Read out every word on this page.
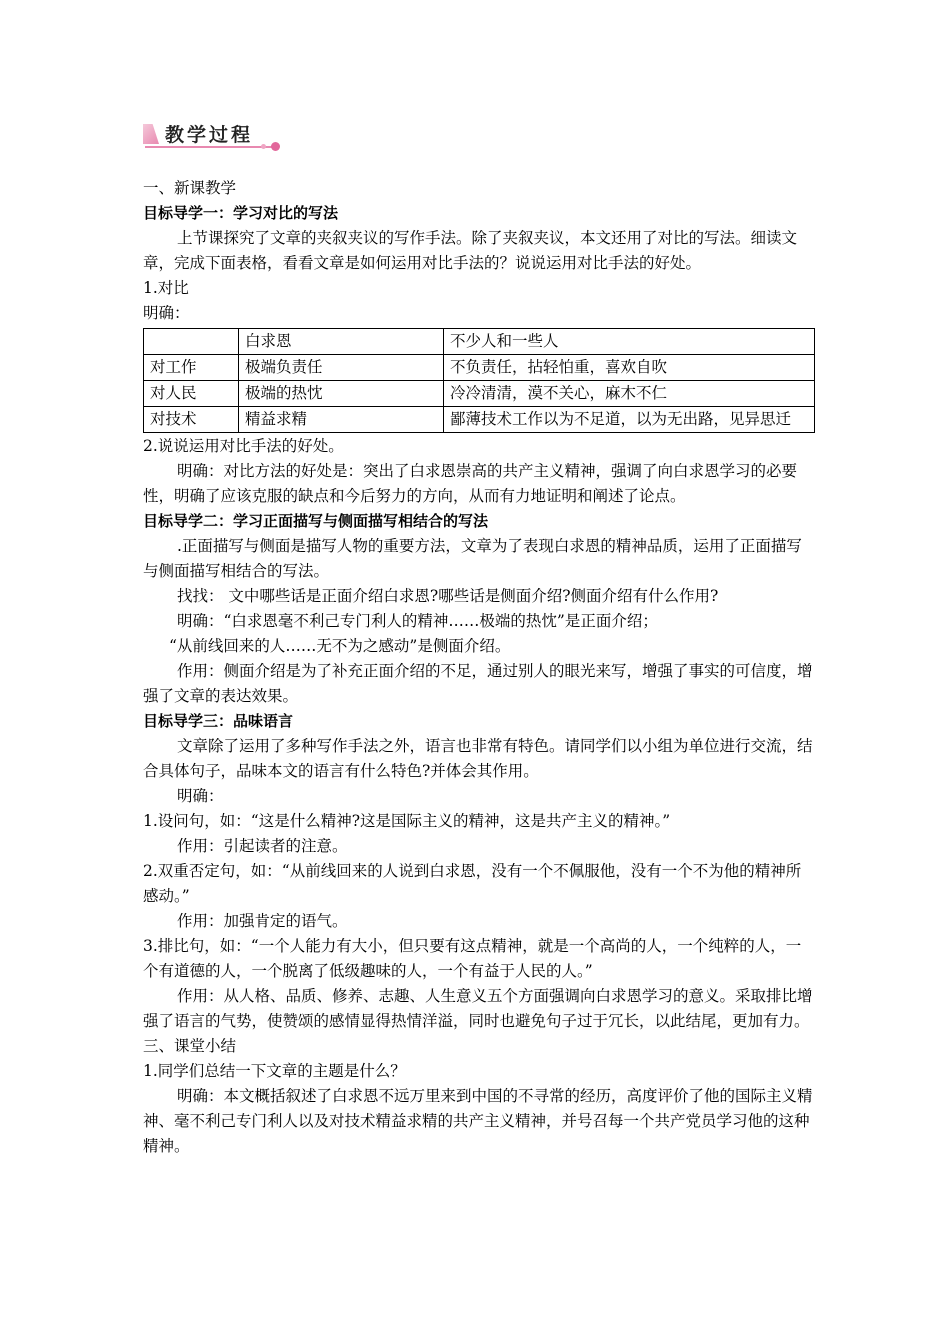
教学过程

一、新课教学

目标导学一：学习对比的写法

上节课探究了文章的夹叙夹议的写作手法。除了夹叙夹议，本文还用了对比的写法。细读文章，完成下面表格，看看文章是如何运用对比手法的？说说运用对比手法的好处。

1.对比

明确：

	白求恩	不少人和一些人
对工作	极端负责任	不负责任，拈轻怕重，喜欢自吹
对人民	极端的热忱	冷冷清清，漠不关心，麻木不仁
对技术	精益求精	鄙薄技术工作以为不足道，以为无出路，见异思迁

2.说说运用对比手法的好处。

明确：对比方法的好处是：突出了白求恩崇高的共产主义精神，强调了向白求恩学习的必要性，明确了应该克服的缺点和今后努力的方向，从而有力地证明和阐述了论点。

目标导学二：学习正面描写与侧面描写相结合的写法

.正面描写与侧面是描写人物的重要方法，文章为了表现白求恩的精神品质，运用了正面描写与侧面描写相结合的写法。

找找： 文中哪些话是正面介绍白求恩?哪些话是侧面介绍?侧面介绍有什么作用?

明确：“白求恩毫不利己专门利人的精神……极端的热忱”是正面介绍；

“从前线回来的人……无不为之感动”是侧面介绍。

作用：侧面介绍是为了补充正面介绍的不足，通过别人的眼光来写，增强了事实的可信度，增强了文章的表达效果。

目标导学三：品味语言

文章除了运用了多种写作手法之外，语言也非常有特色。请同学们以小组为单位进行交流，结合具体句子，品味本文的语言有什么特色?并体会其作用。

明确：

1.设问句，如：“这是什么精神?这是国际主义的精神，这是共产主义的精神。”

作用：引起读者的注意。

2.双重否定句，如：“从前线回来的人说到白求恩，没有一个不佩服他，没有一个不为他的精神所感动。”

作用：加强肯定的语气。

3.排比句，如：“一个人能力有大小，但只要有这点精神，就是一个高尚的人，一个纯粹的人，一个有道德的人，一个脱离了低级趣味的人，一个有益于人民的人。”

作用：从人格、品质、修养、志趣、人生意义五个方面强调向白求恩学习的意义。采取排比增强了语言的气势，使赞颂的感情显得热情洋溢，同时也避免句子过于冗长，以此结尾，更加有力。

三、课堂小结

1.同学们总结一下文章的主题是什么？

明确：本文概括叙述了白求恩不远万里来到中国的不寻常的经历，高度评价了他的国际主义精神、毫不利己专门利人以及对技术精益求精的共产主义精神，并号召每一个共产党员学习他的这种精神。
